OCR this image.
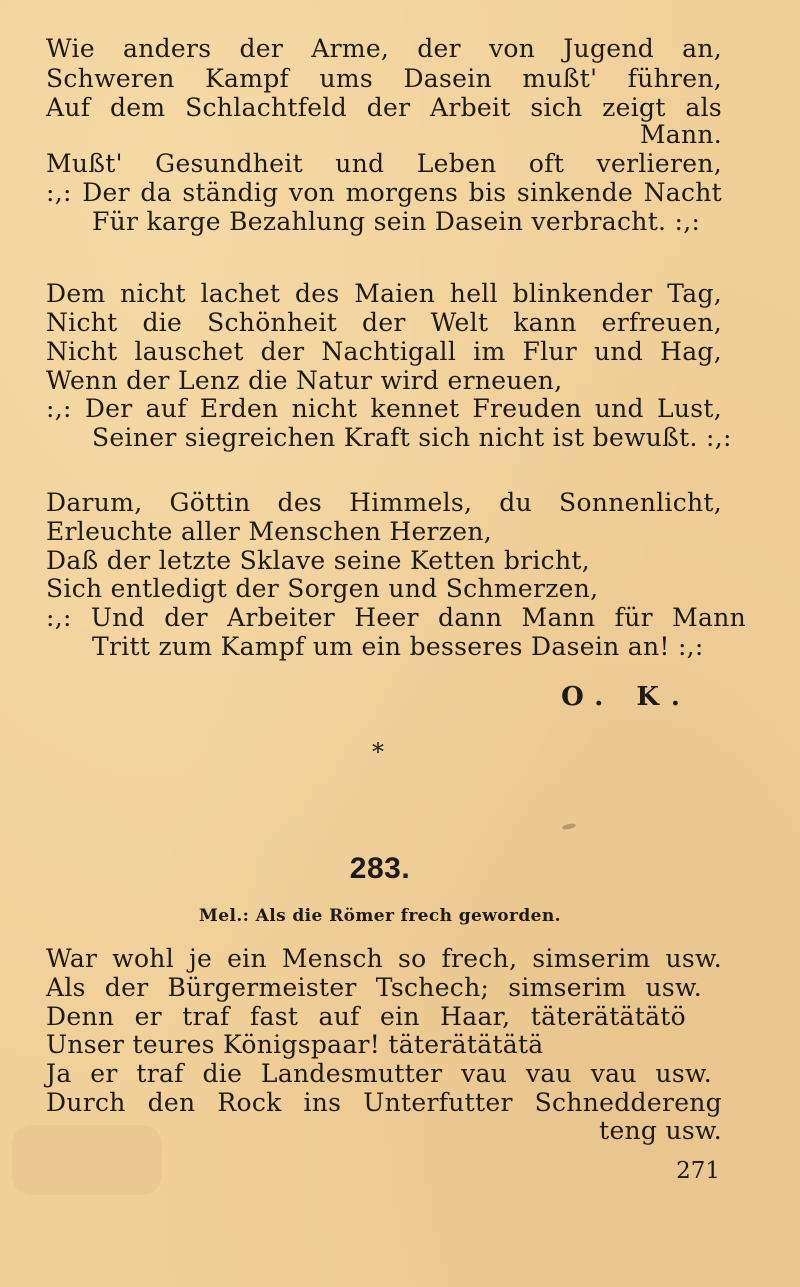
Wie anders der Arme, der von Jugend an,
Schweren Kampf ums Dasein mußt' führen,
Auf dem Schlachtfeld der Arbeit sich zeigt als
Mann.
Mußt' Gesundheit und Leben oft verlieren,
:,: Der da ständig von morgens bis sinkende Nacht
Für karge Bezahlung sein Dasein verbracht. :,:
Dem nicht lachet des Maien hell blinkender Tag,
Nicht die Schönheit der Welt kann erfreuen,
Nicht lauschet der Nachtigall im Flur und Hag,
Wenn der Lenz die Natur wird erneuen,
:,: Der auf Erden nicht kennet Freuden und Lust,
Seiner siegreichen Kraft sich nicht ist bewußt. :,:
Darum, Göttin des Himmels, du Sonnenlicht,
Erleuchte aller Menschen Herzen,
Daß der letzte Sklave seine Ketten bricht,
Sich entledigt der Sorgen und Schmerzen,
:,: Und der Arbeiter Heer dann Mann für Mann
Tritt zum Kampf um ein besseres Dasein an! :,:
O. K.
*
283.
Mel.: Als die Römer frech geworden.
War wohl je ein Mensch so frech, simserim usw.
Als der Bürgermeister Tschech; simserim usw.
Denn er traf fast auf ein Haar, täterätätätö
Unser teures Königspaar! täterätätätä
Ja er traf die Landesmutter vau vau vau usw.
Durch den Rock ins Unterfutter Schneddereng
teng usw.
271
